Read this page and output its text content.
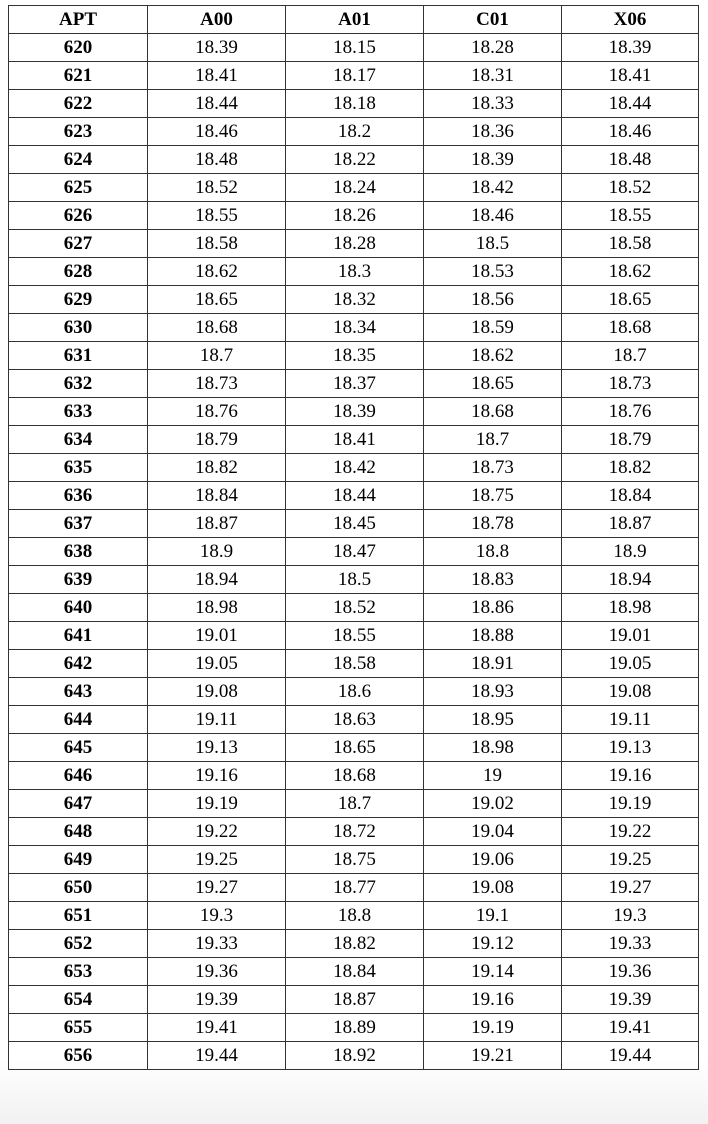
APT	A00	A01	C01	X06
620	18.39	18.15	18.28	18.39
621	18.41	18.17	18.31	18.41
622	18.44	18.18	18.33	18.44
623	18.46	18.2	18.36	18.46
624	18.48	18.22	18.39	18.48
625	18.52	18.24	18.42	18.52
626	18.55	18.26	18.46	18.55
627	18.58	18.28	18.5	18.58
628	18.62	18.3	18.53	18.62
629	18.65	18.32	18.56	18.65
630	18.68	18.34	18.59	18.68
631	18.7	18.35	18.62	18.7
632	18.73	18.37	18.65	18.73
633	18.76	18.39	18.68	18.76
634	18.79	18.41	18.7	18.79
635	18.82	18.42	18.73	18.82
636	18.84	18.44	18.75	18.84
637	18.87	18.45	18.78	18.87
638	18.9	18.47	18.8	18.9
639	18.94	18.5	18.83	18.94
640	18.98	18.52	18.86	18.98
641	19.01	18.55	18.88	19.01
642	19.05	18.58	18.91	19.05
643	19.08	18.6	18.93	19.08
644	19.11	18.63	18.95	19.11
645	19.13	18.65	18.98	19.13
646	19.16	18.68	19	19.16
647	19.19	18.7	19.02	19.19
648	19.22	18.72	19.04	19.22
649	19.25	18.75	19.06	19.25
650	19.27	18.77	19.08	19.27
651	19.3	18.8	19.1	19.3
652	19.33	18.82	19.12	19.33
653	19.36	18.84	19.14	19.36
654	19.39	18.87	19.16	19.39
655	19.41	18.89	19.19	19.41
656	19.44	18.92	19.21	19.44
